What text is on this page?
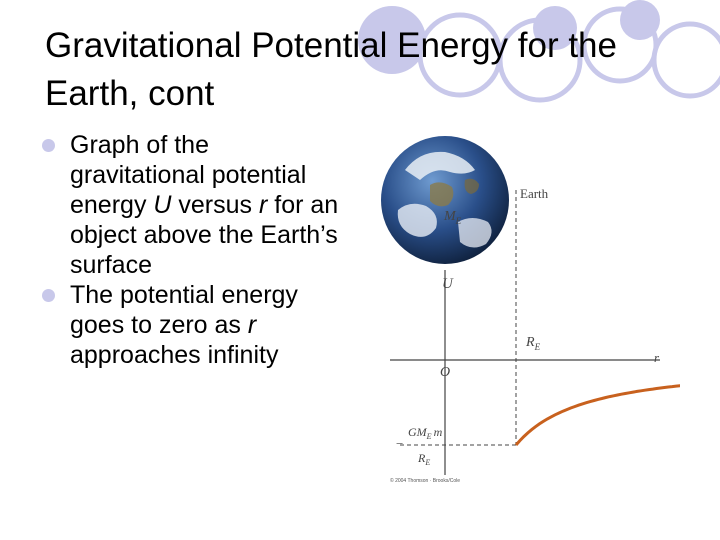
Gravitational Potential Energy for the Earth, cont
Graph of the gravitational potential energy U versus r for an object above the Earth’s surface
The potential energy goes to zero as r approaches infinity
Earth
$M_E$
U
$R_E$
r
O
−
$GM_E$ m
$R_E$
© 2004 Thomson · Brooks/Cole
